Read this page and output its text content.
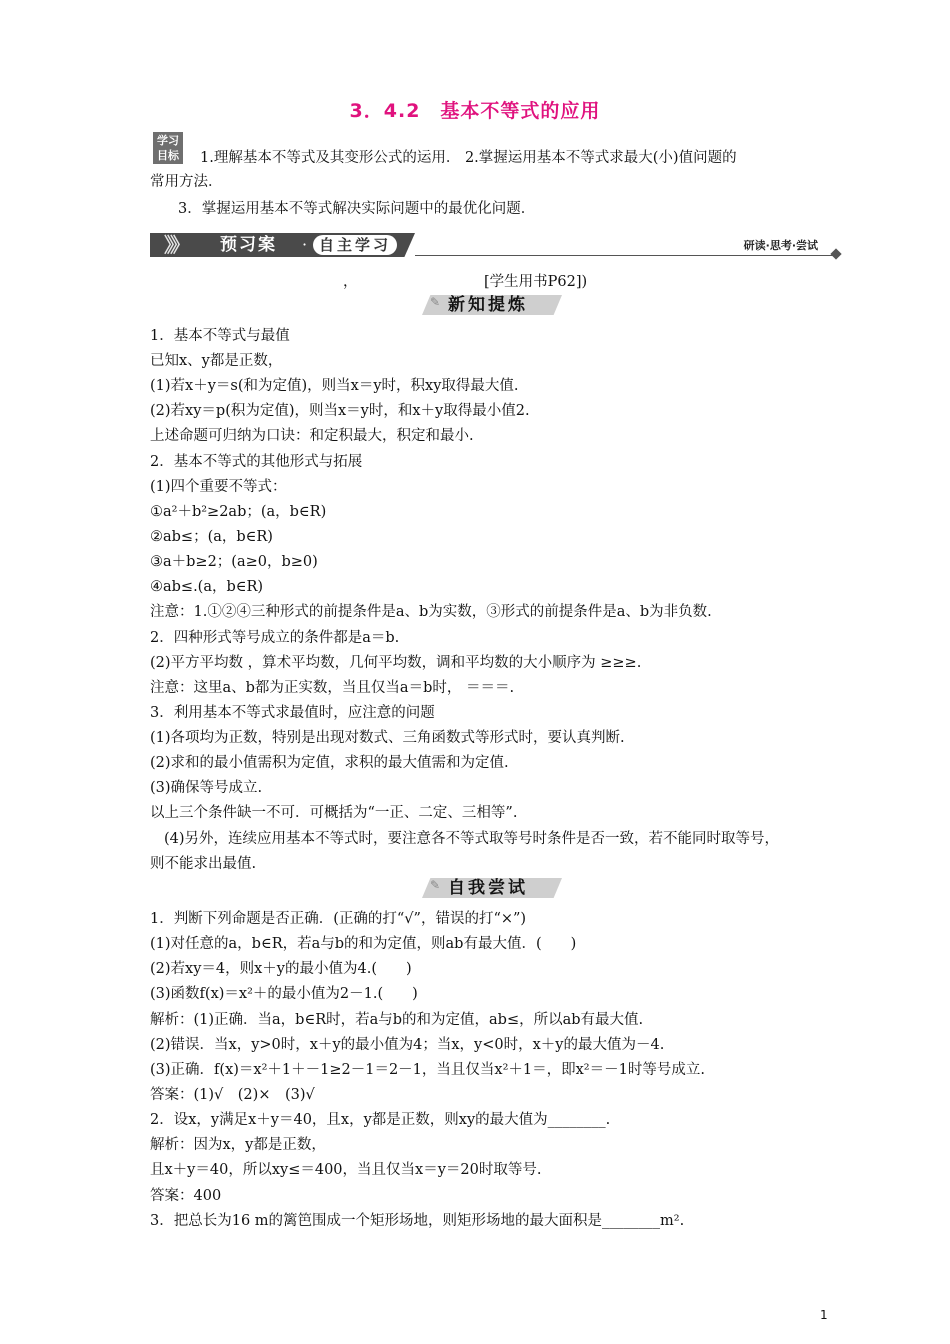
3．4.2　基本不等式的应用
学习
目标 1.理解基本不等式及其变形公式的运用． 2.掌握运用基本不等式求最大(小)值问题的
常用方法．
3．掌握运用基本不等式解决实际问题中的最优化问题．
》》 预习案 · 自主学习	研读·思考·尝试
，	[学生用书P62])
✎ 新知提炼
1．基本不等式与最值
已知x、y都是正数，
(1)若x＋y＝s(和为定值)，则当x＝y时，积xy取得最大值.
(2)若xy＝p(积为定值)，则当x＝y时，和x＋y取得最小值2.
上述命题可归纳为口诀：和定积最大，积定和最小.
2．基本不等式的其他形式与拓展
(1)四个重要不等式：
①a²＋b²≥2ab；(a，b∈R)
②ab≤；(a，b∈R)
③a＋b≥2；(a≥0，b≥0)
④ab≤.(a，b∈R)
注意：1.①②④三种形式的前提条件是a、b为实数，③形式的前提条件是a、b为非负数.
2．四种形式等号成立的条件都是a＝b.
(2)平方平均数 ，算术平均数，几何平均数，调和平均数的大小顺序为 ≥≥≥.
注意：这里a、b都为正实数，当且仅当a＝b时， ＝＝＝.
3．利用基本不等式求最值时，应注意的问题
(1)各项均为正数，特别是出现对数式、三角函数式等形式时，要认真判断.
(2)求和的最小值需积为定值，求积的最大值需和为定值.
(3)确保等号成立.
以上三个条件缺一不可．可概括为“一正、二定、三相等”.
(4)另外，连续应用基本不等式时，要注意各不等式取等号时条件是否一致，若不能同时取等号，
则不能求出最值.
✎ 自我尝试
1．判断下列命题是否正确．(正确的打“√”，错误的打“×”)
(1)对任意的a，b∈R，若a与b的和为定值，则ab有最大值．(　　)
(2)若xy＝4，则x＋y的最小值为4.(　　)
(3)函数f(x)＝x²＋的最小值为2－1.(　　)
解析：(1)正确．当a，b∈R时，若a与b的和为定值，ab≤，所以ab有最大值.
(2)错误．当x，y>0时，x＋y的最小值为4；当x，y<0时，x＋y的最大值为－4.
(3)正确．f(x)＝x²＋1＋－1≥2－1＝2－1，当且仅当x²＋1＝，即x²＝－1时等号成立.
答案：(1)√　(2)×　(3)√
2．设x，y满足x＋y＝40，且x，y都是正数，则xy的最大值为________.
解析：因为x，y都是正数，
且x＋y＝40，所以xy≤＝400，当且仅当x＝y＝20时取等号.
答案：400
3．把总长为16 m的篱笆围成一个矩形场地，则矩形场地的最大面积是________m².
1
